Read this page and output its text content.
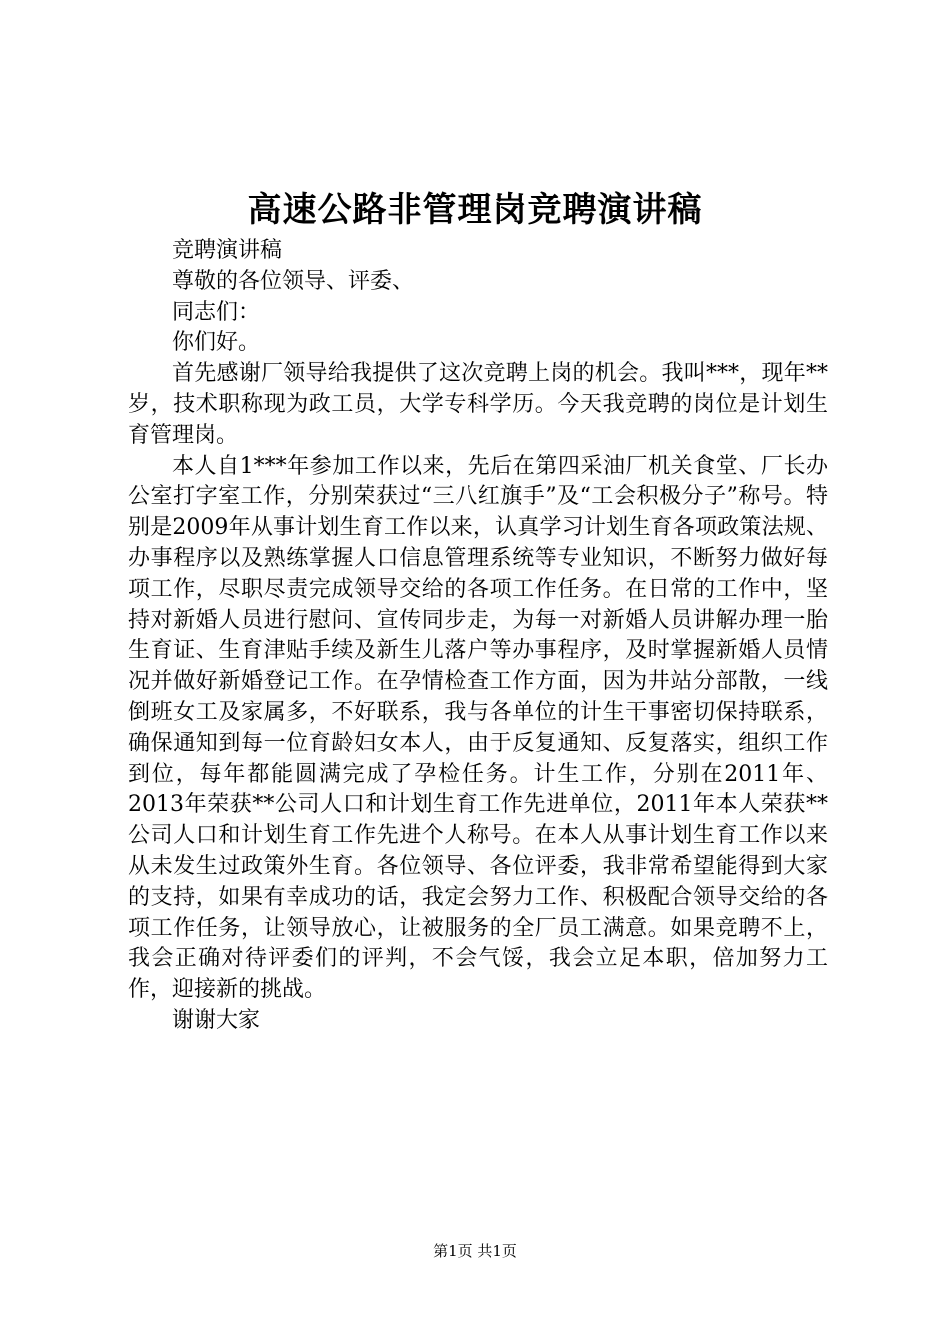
高速公路非管理岗竞聘演讲稿

竞聘演讲稿

尊敬的各位领导、评委、

同志们：

你们好。

首先感谢厂领导给我提供了这次竞聘上岗的机会。我叫***，现年**岁，技术职称现为政工员，大学专科学历。今天我竞聘的岗位是计划生育管理岗。

本人自1***年参加工作以来，先后在第四采油厂机关食堂、厂长办公室打字室工作，分别荣获过“三八红旗手”及“工会积极分子”称号。特别是2009年从事计划生育工作以来，认真学习计划生育各项政策法规、办事程序以及熟练掌握人口信息管理系统等专业知识，不断努力做好每项工作，尽职尽责完成领导交给的各项工作任务。在日常的工作中，坚持对新婚人员进行慰问、宣传同步走，为每一对新婚人员讲解办理一胎生育证、生育津贴手续及新生儿落户等办事程序，及时掌握新婚人员情况并做好新婚登记工作。在孕情检查工作方面，因为井站分部散，一线倒班女工及家属多，不好联系，我与各单位的计生干事密切保持联系，确保通知到每一位育龄妇女本人，由于反复通知、反复落实，组织工作到位，每年都能圆满完成了孕检任务。计生工作，分别在2011年、2013年荣获**公司人口和计划生育工作先进单位，2011年本人荣获**公司人口和计划生育工作先进个人称号。在本人从事计划生育工作以来从未发生过政策外生育。各位领导、各位评委，我非常希望能得到大家的支持，如果有幸成功的话，我定会努力工作、积极配合领导交给的各项工作任务，让领导放心，让被服务的全厂员工满意。如果竞聘不上，我会正确对待评委们的评判，不会气馁，我会立足本职，倍加努力工作，迎接新的挑战。

谢谢大家

第1页 共1页
